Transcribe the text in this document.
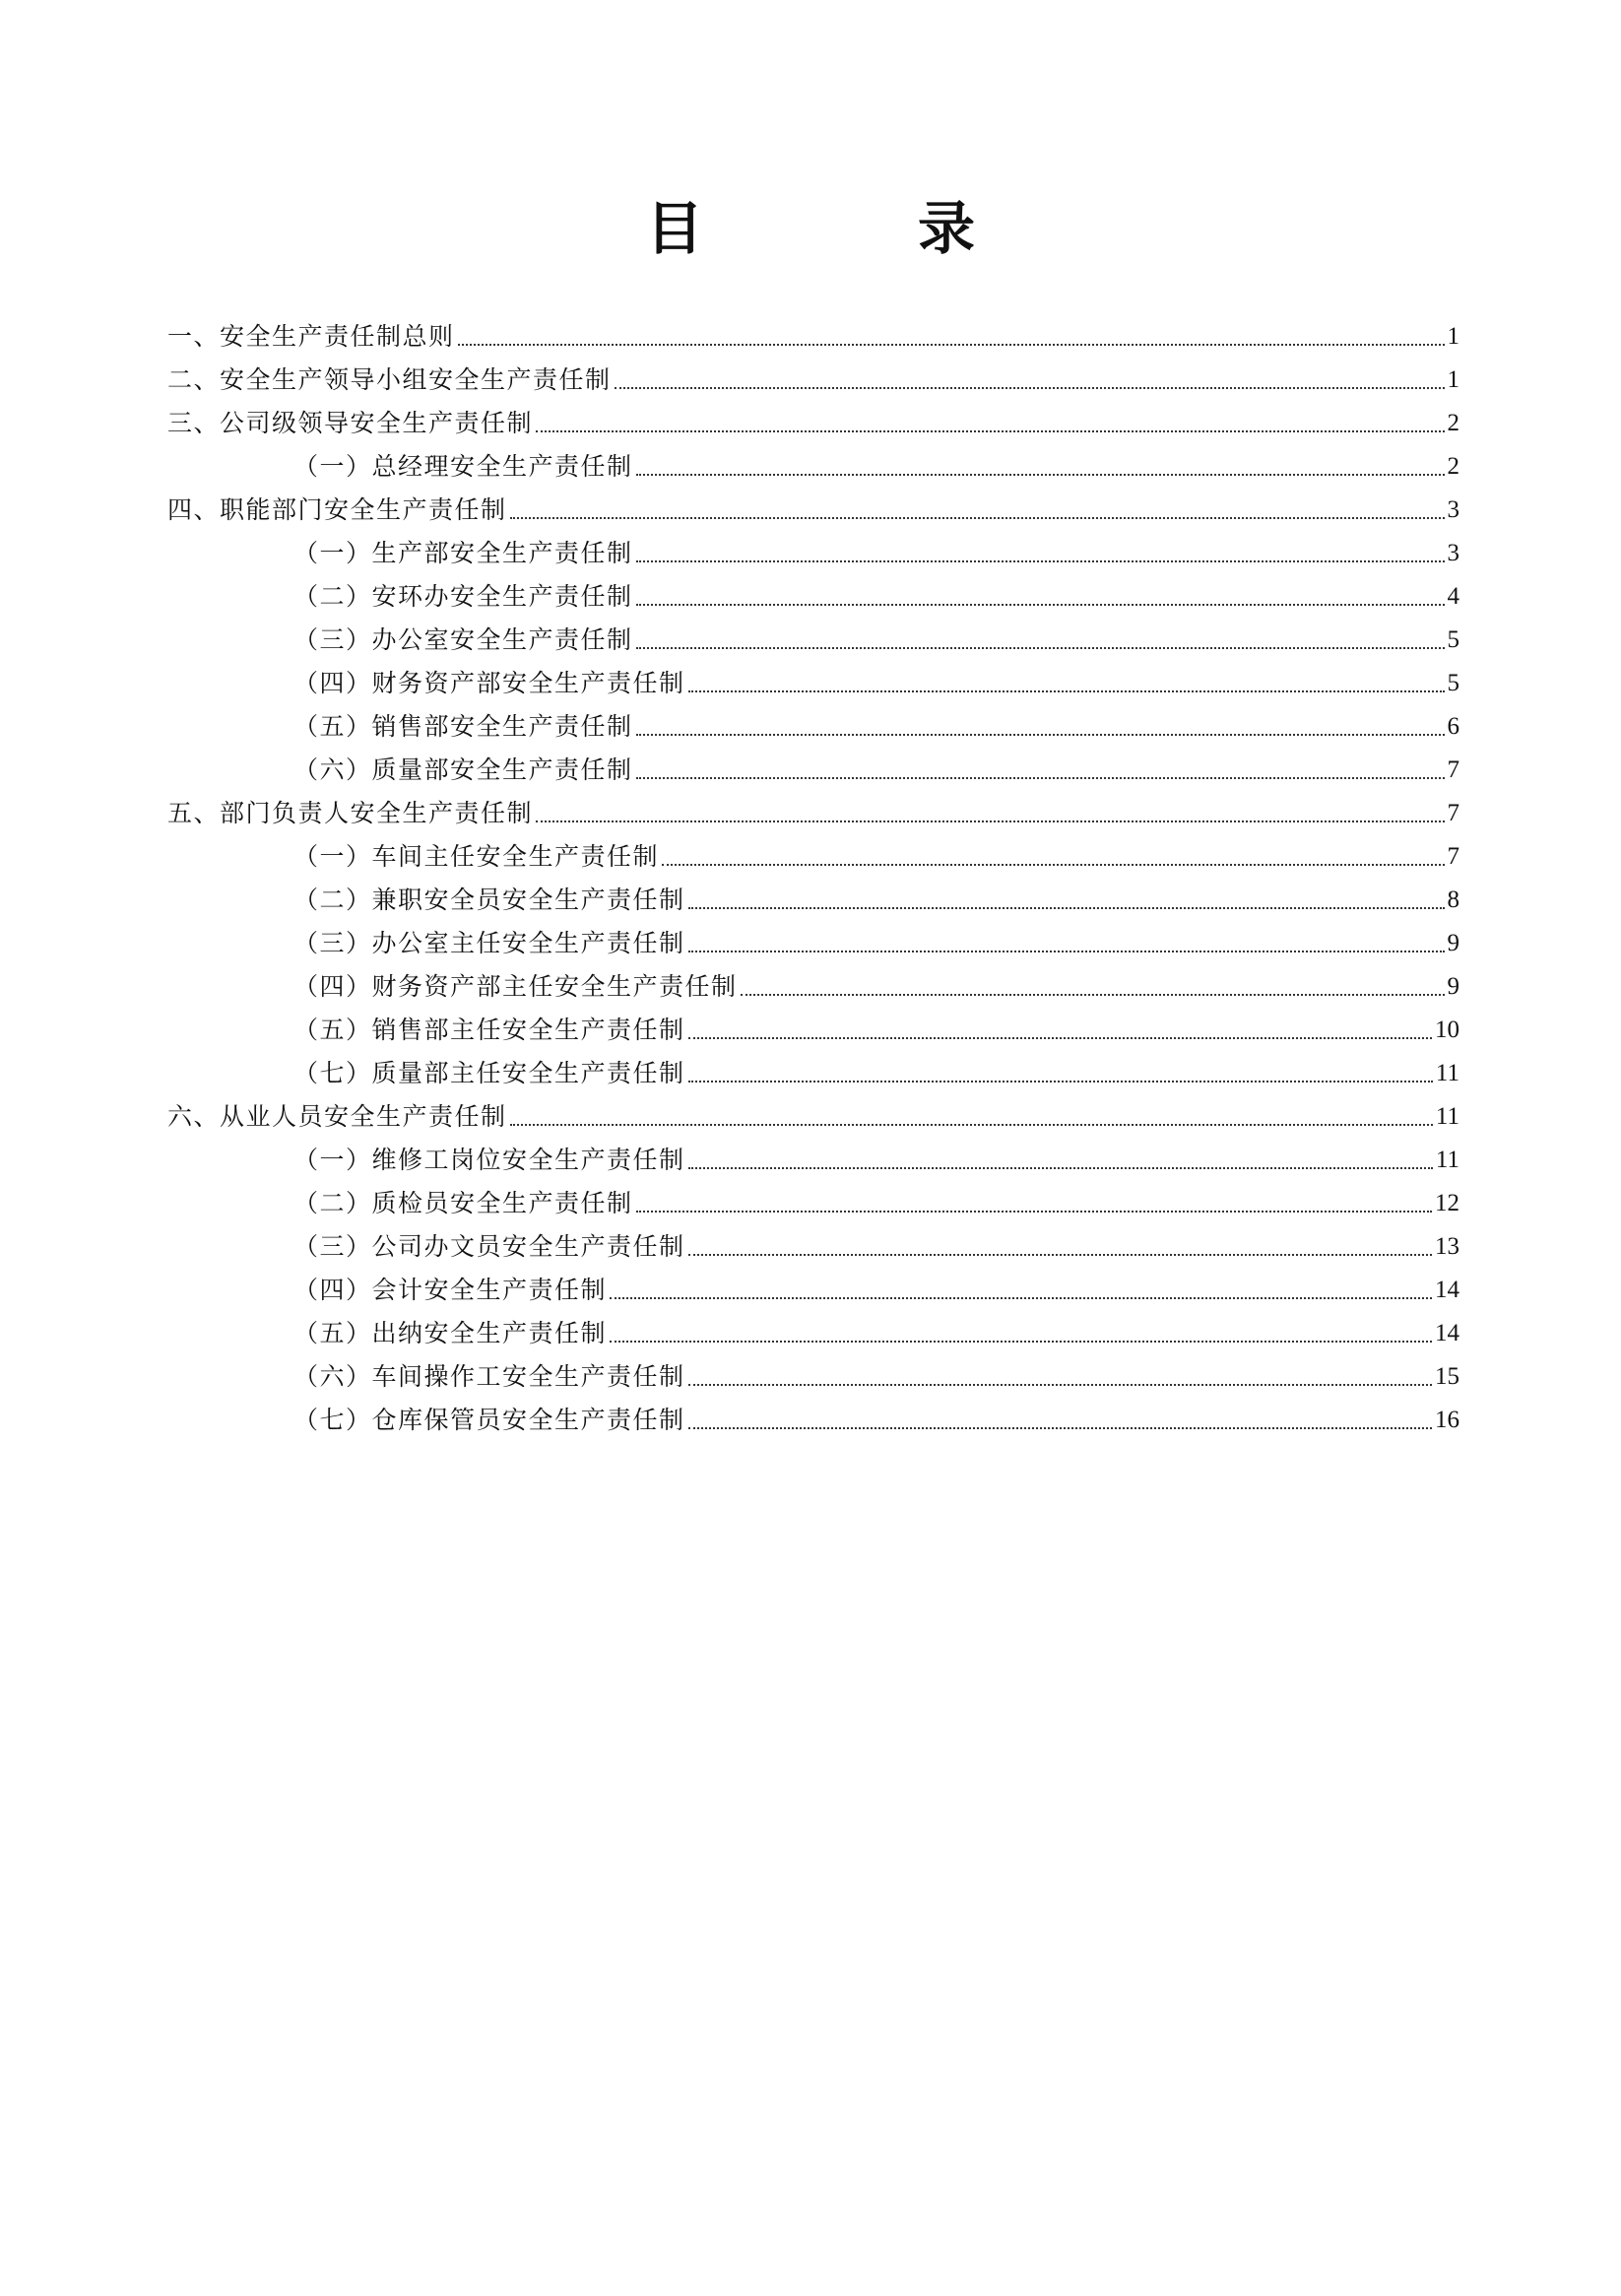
目　录
一、安全生产责任制总则	1
二、安全生产领导小组安全生产责任制	1
三、公司级领导安全生产责任制	2
（一）总经理安全生产责任制	2
四、职能部门安全生产责任制	3
（一）生产部安全生产责任制	3
（二）安环办安全生产责任制	4
（三）办公室安全生产责任制	5
（四）财务资产部安全生产责任制	5
（五）销售部安全生产责任制	6
（六）质量部安全生产责任制	7
五、部门负责人安全生产责任制	7
（一）车间主任安全生产责任制	7
（二）兼职安全员安全生产责任制	8
（三）办公室主任安全生产责任制	9
（四）财务资产部主任安全生产责任制	9
（五）销售部主任安全生产责任制	10
（七）质量部主任安全生产责任制	11
六、从业人员安全生产责任制	11
（一）维修工岗位安全生产责任制	11
（二）质检员安全生产责任制	12
（三）公司办文员安全生产责任制	13
（四）会计安全生产责任制	14
（五）出纳安全生产责任制	14
（六）车间操作工安全生产责任制	15
（七）仓库保管员安全生产责任制	16
